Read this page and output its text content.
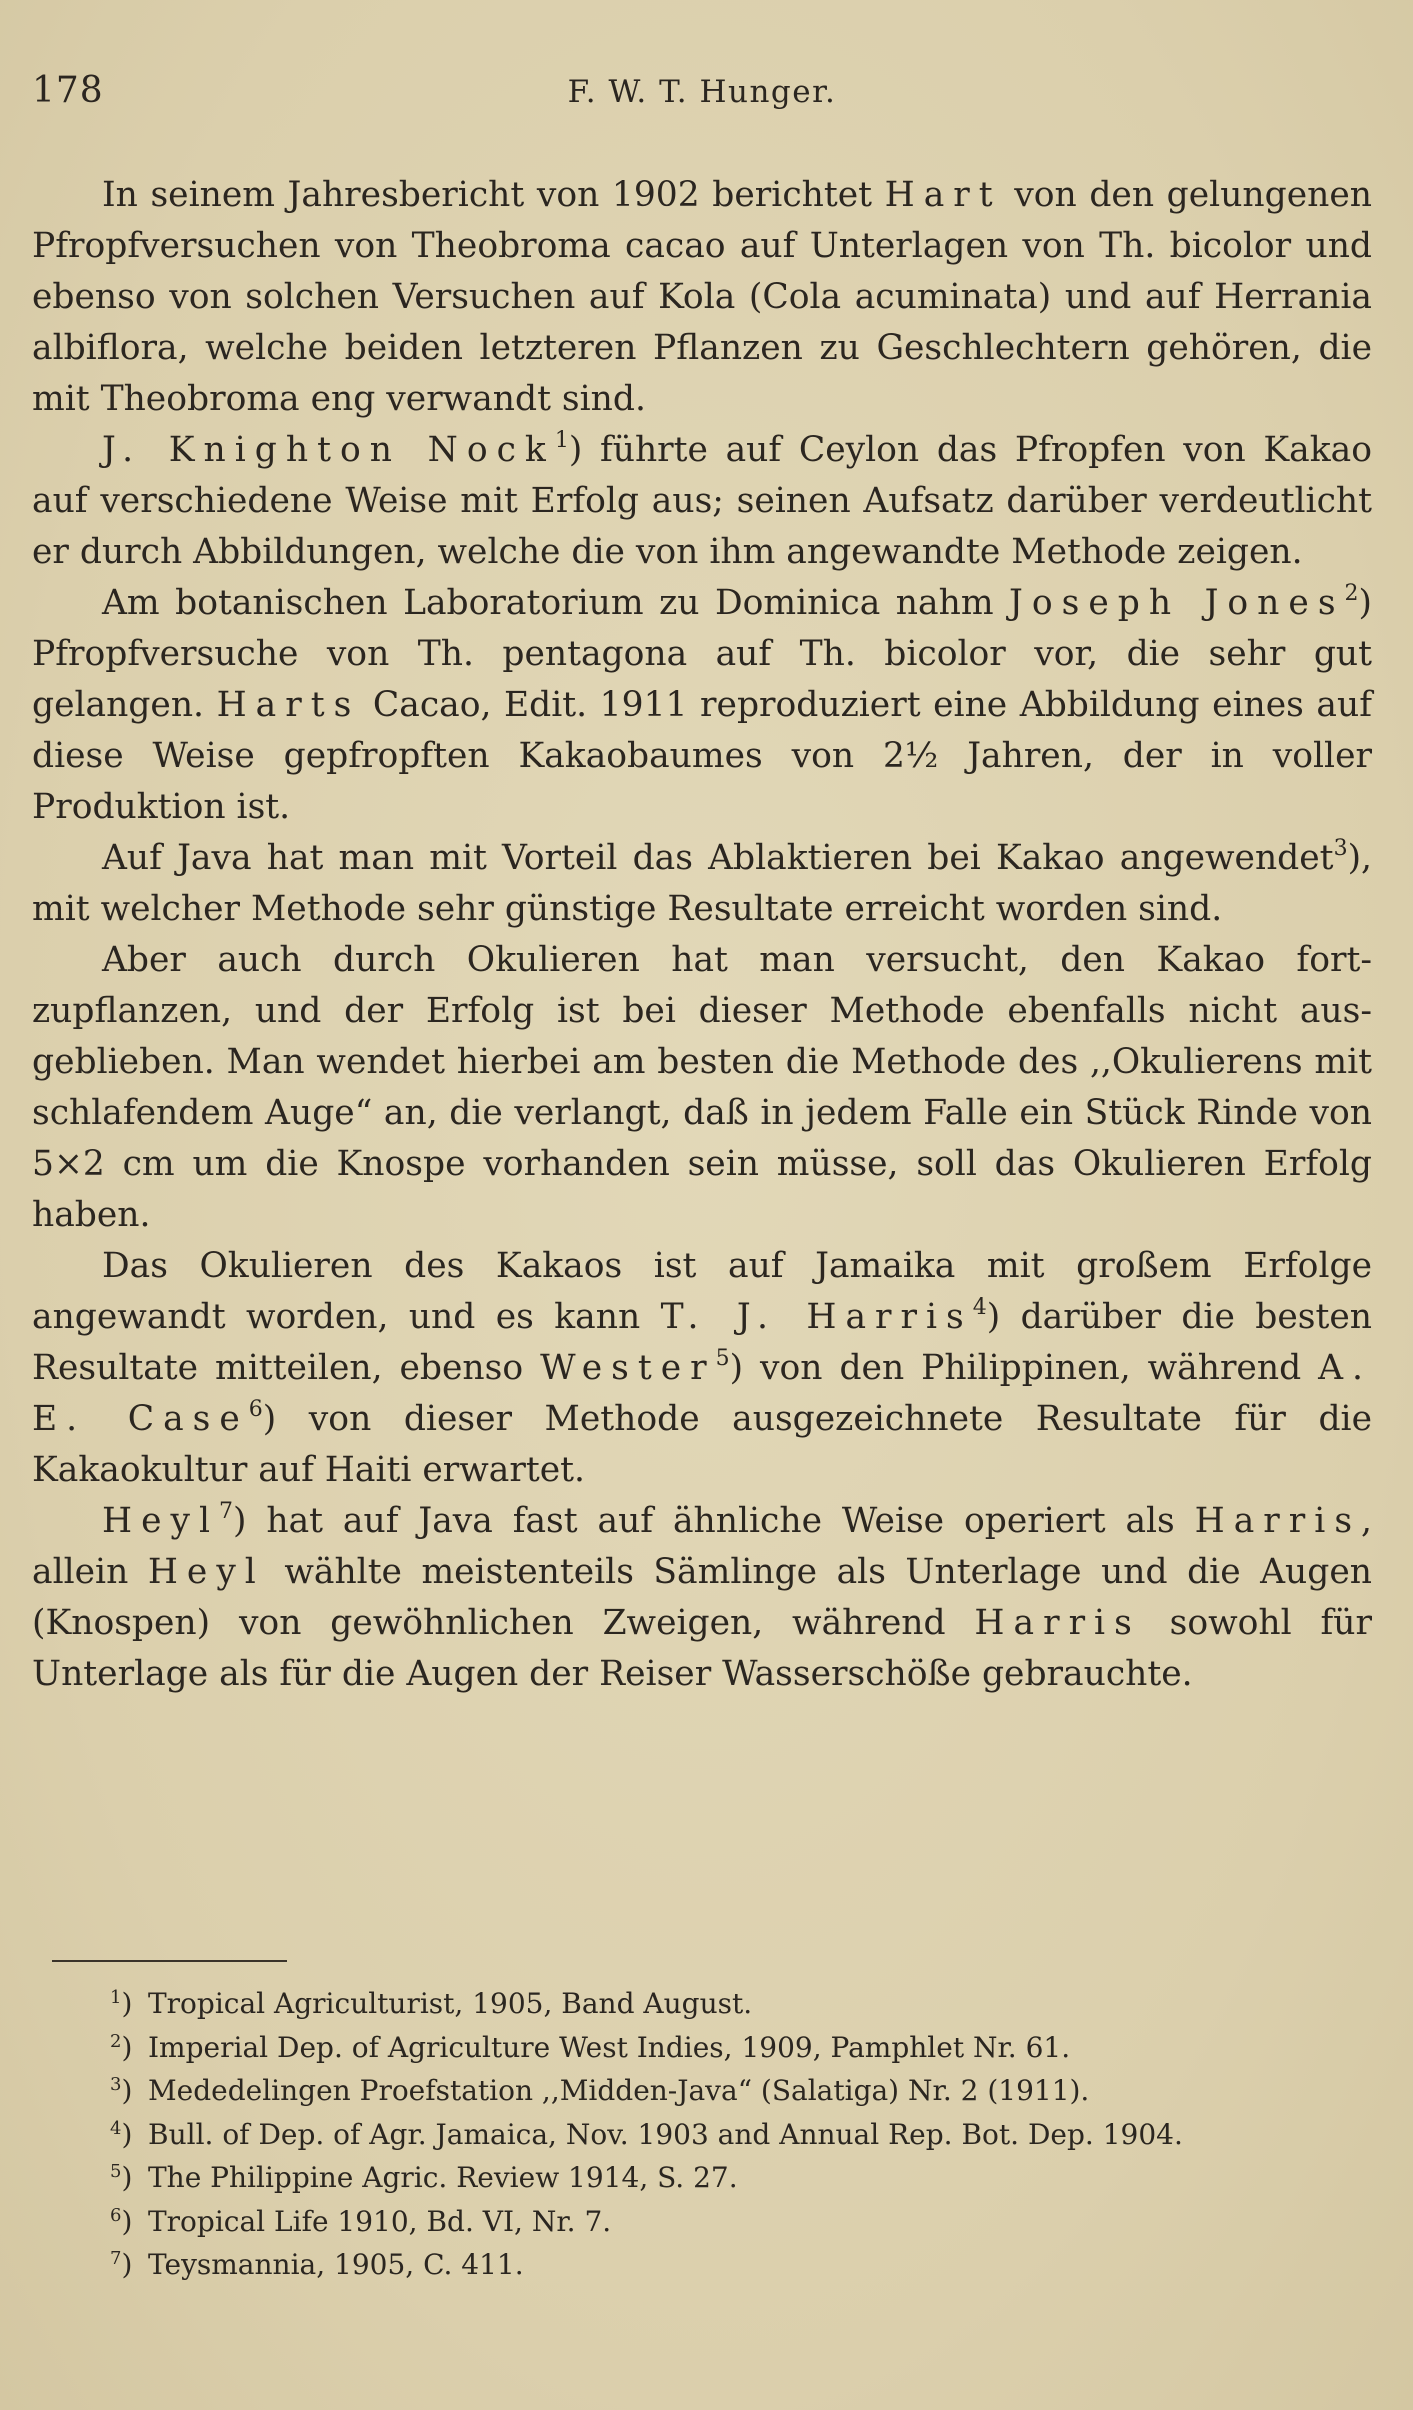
178	F. W. T. Hunger.

In seinem Jahresbericht von 1902 berichtet Hart von den gelungenen Pfropfversuchen von Theobroma cacao auf Unterlagen von Th. bicolor und ebenso von solchen Versuchen auf Kola (Cola acuminata) und auf Herrania albiflora, welche beiden letzteren Pflanzen zu Geschlechtern gehören, die mit Theobroma eng verwandt sind.

J. Knighton Nock$^1$) führte auf Ceylon das Pfropfen von Kakao auf verschiedene Weise mit Erfolg aus; seinen Aufsatz darüber verdeutlicht er durch Abbildungen, welche die von ihm angewandte Methode zeigen.

Am botanischen Laboratorium zu Dominica nahm Joseph Jones$^2$) Pfropfversuche von Th. pentagona auf Th. bicolor vor, die sehr gut gelangen. Harts Cacao, Edit. 1911 reproduziert eine Abbildung eines auf diese Weise gepfropften Kakaobaumes von 2½ Jahren, der in voller Produktion ist.

Auf Java hat man mit Vorteil das Ablaktieren bei Kakao angewendet$^3$), mit welcher Methode sehr günstige Resultate erreicht worden sind.

Aber auch durch Okulieren hat man versucht, den Kakao fortzupflanzen, und der Erfolg ist bei dieser Methode ebenfalls nicht ausgeblieben. Man wendet hierbei am besten die Methode des ,,Okulierens mit schlafendem Auge“ an, die verlangt, daß in jedem Falle ein Stück Rinde von 5×2 cm um die Knospe vorhanden sein müsse, soll das Okulieren Erfolg haben.

Das Okulieren des Kakaos ist auf Jamaika mit großem Erfolge angewandt worden, und es kann T. J. Harris$^4$) darüber die besten Resultate mitteilen, ebenso Wester$^5$) von den Philippinen, während A. E. Case$^6$) von dieser Methode ausgezeichnete Resultate für die Kakaokultur auf Haiti erwartet.

Heyl$^7$) hat auf Java fast auf ähnliche Weise operiert als Harris, allein Heyl wählte meistenteils Sämlinge als Unterlage und die Augen (Knospen) von gewöhnlichen Zweigen, während Harris sowohl für Unterlage als für die Augen der Reiser Wasserschöße gebrauchte.

$^1$) Tropical Agriculturist, 1905, Band August.
$^2$) Imperial Dep. of Agriculture West Indies, 1909, Pamphlet Nr. 61.
$^3$) Mededelingen Proefstation ,,Midden-Java“ (Salatiga) Nr. 2 (1911).
$^4$) Bull. of Dep. of Agr. Jamaica, Nov. 1903 and Annual Rep. Bot. Dep. 1904.
$^5$) The Philippine Agric. Review 1914, S. 27.
$^6$) Tropical Life 1910, Bd. VI, Nr. 7.
$^7$) Teysmannia, 1905, C. 411.
